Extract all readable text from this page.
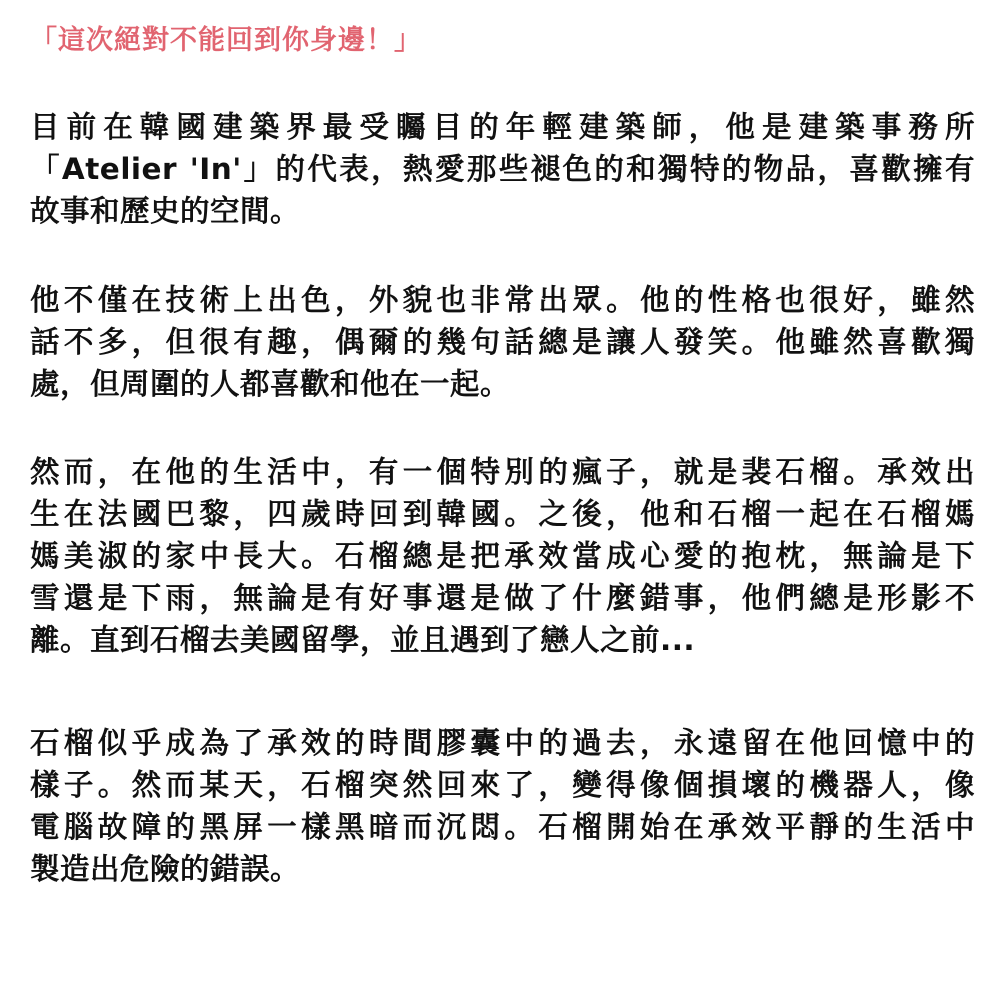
「這次絕對不能回到你身邊！」
目前在韓國建築界最受矚目的年輕建築師，他是建築事務所
「Atelier 'In'」的代表，熱愛那些褪色的和獨特的物品，喜歡擁有
故事和歷史的空間。
他不僅在技術上出色，外貌也非常出眾。他的性格也很好，雖然
話不多，但很有趣，偶爾的幾句話總是讓人發笑。他雖然喜歡獨
處，但周圍的人都喜歡和他在一起。
然而，在他的生活中，有一個特別的瘋子，就是裴石榴。承效出
生在法國巴黎，四歲時回到韓國。之後，他和石榴一起在石榴媽
媽美淑的家中長大。石榴總是把承效當成心愛的抱枕，無論是下
雪還是下雨，無論是有好事還是做了什麼錯事，他們總是形影不
離。直到石榴去美國留學，並且遇到了戀人之前...
石榴似乎成為了承效的時間膠囊中的過去，永遠留在他回憶中的
樣子。然而某天，石榴突然回來了，變得像個損壞的機器人，像
電腦故障的黑屏一樣黑暗而沉悶。石榴開始在承效平靜的生活中
製造出危險的錯誤。
